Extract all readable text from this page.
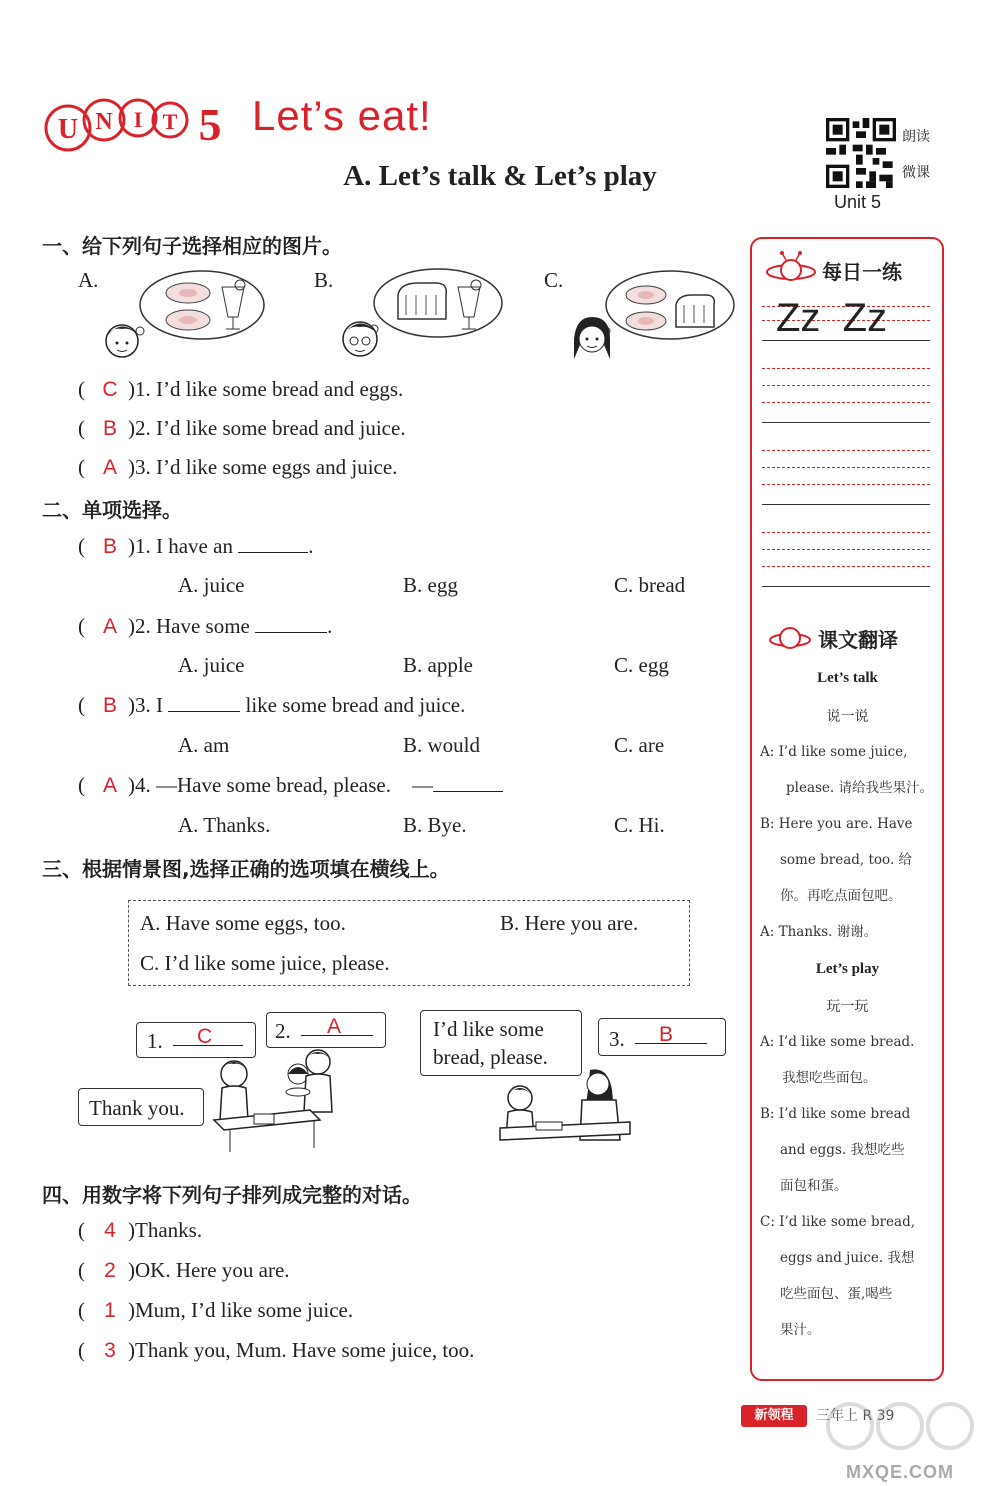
U N I T 5 Let’s eat!
A. Let’s talk & Let’s play
朗读
微课
Unit 5
一、给下列句子选择相应的图片。
A.	B.	C.
( C )1. I’d like some bread and eggs.
( B )2. I’d like some bread and juice.
( A )3. I’d like some eggs and juice.
二、单项选择。
( B )1. I have an	.
A. juice	B. egg	C. bread
( A )2. Have some	.
A. juice	B. apple	C. egg
( B )3. I	like some bread and juice.
A. am	B. would	C. are
( A )4. —Have some bread, please. —
A. Thanks.	B. Bye.	C. Hi.
三、根据情景图,选择正确的选项填在横线上。
A. Have some eggs, too.	B. Here you are.
C. I’d like some juice, please.
1. C	2. A	I’d like some
bread, please.
3. B
Thank you.
四、用数字将下列句子排列成完整的对话。
( 4 )Thanks.
( 2 )OK. Here you are.
( 1 )Mum, I’d like some juice.
( 3 )Thank you, Mum. Have some juice, too.
每日一练
Zz  Zz
课文翻译
Let’s talk
说一说
A: I’d like some juice,
please. 请给我些果汁。
B: Here you are. Have
some bread, too. 给
你。再吃点面包吧。
A: Thanks. 谢谢。
Let’s play
玩一玩
A: I’d like some bread.
我想吃些面包。
B: I’d like some bread
and eggs. 我想吃些
面包和蛋。
C: I’d like some bread,
eggs and juice. 我想
吃些面包、蛋,喝些
果汁。
新领程	三年上 R 39
MXQE.COM
